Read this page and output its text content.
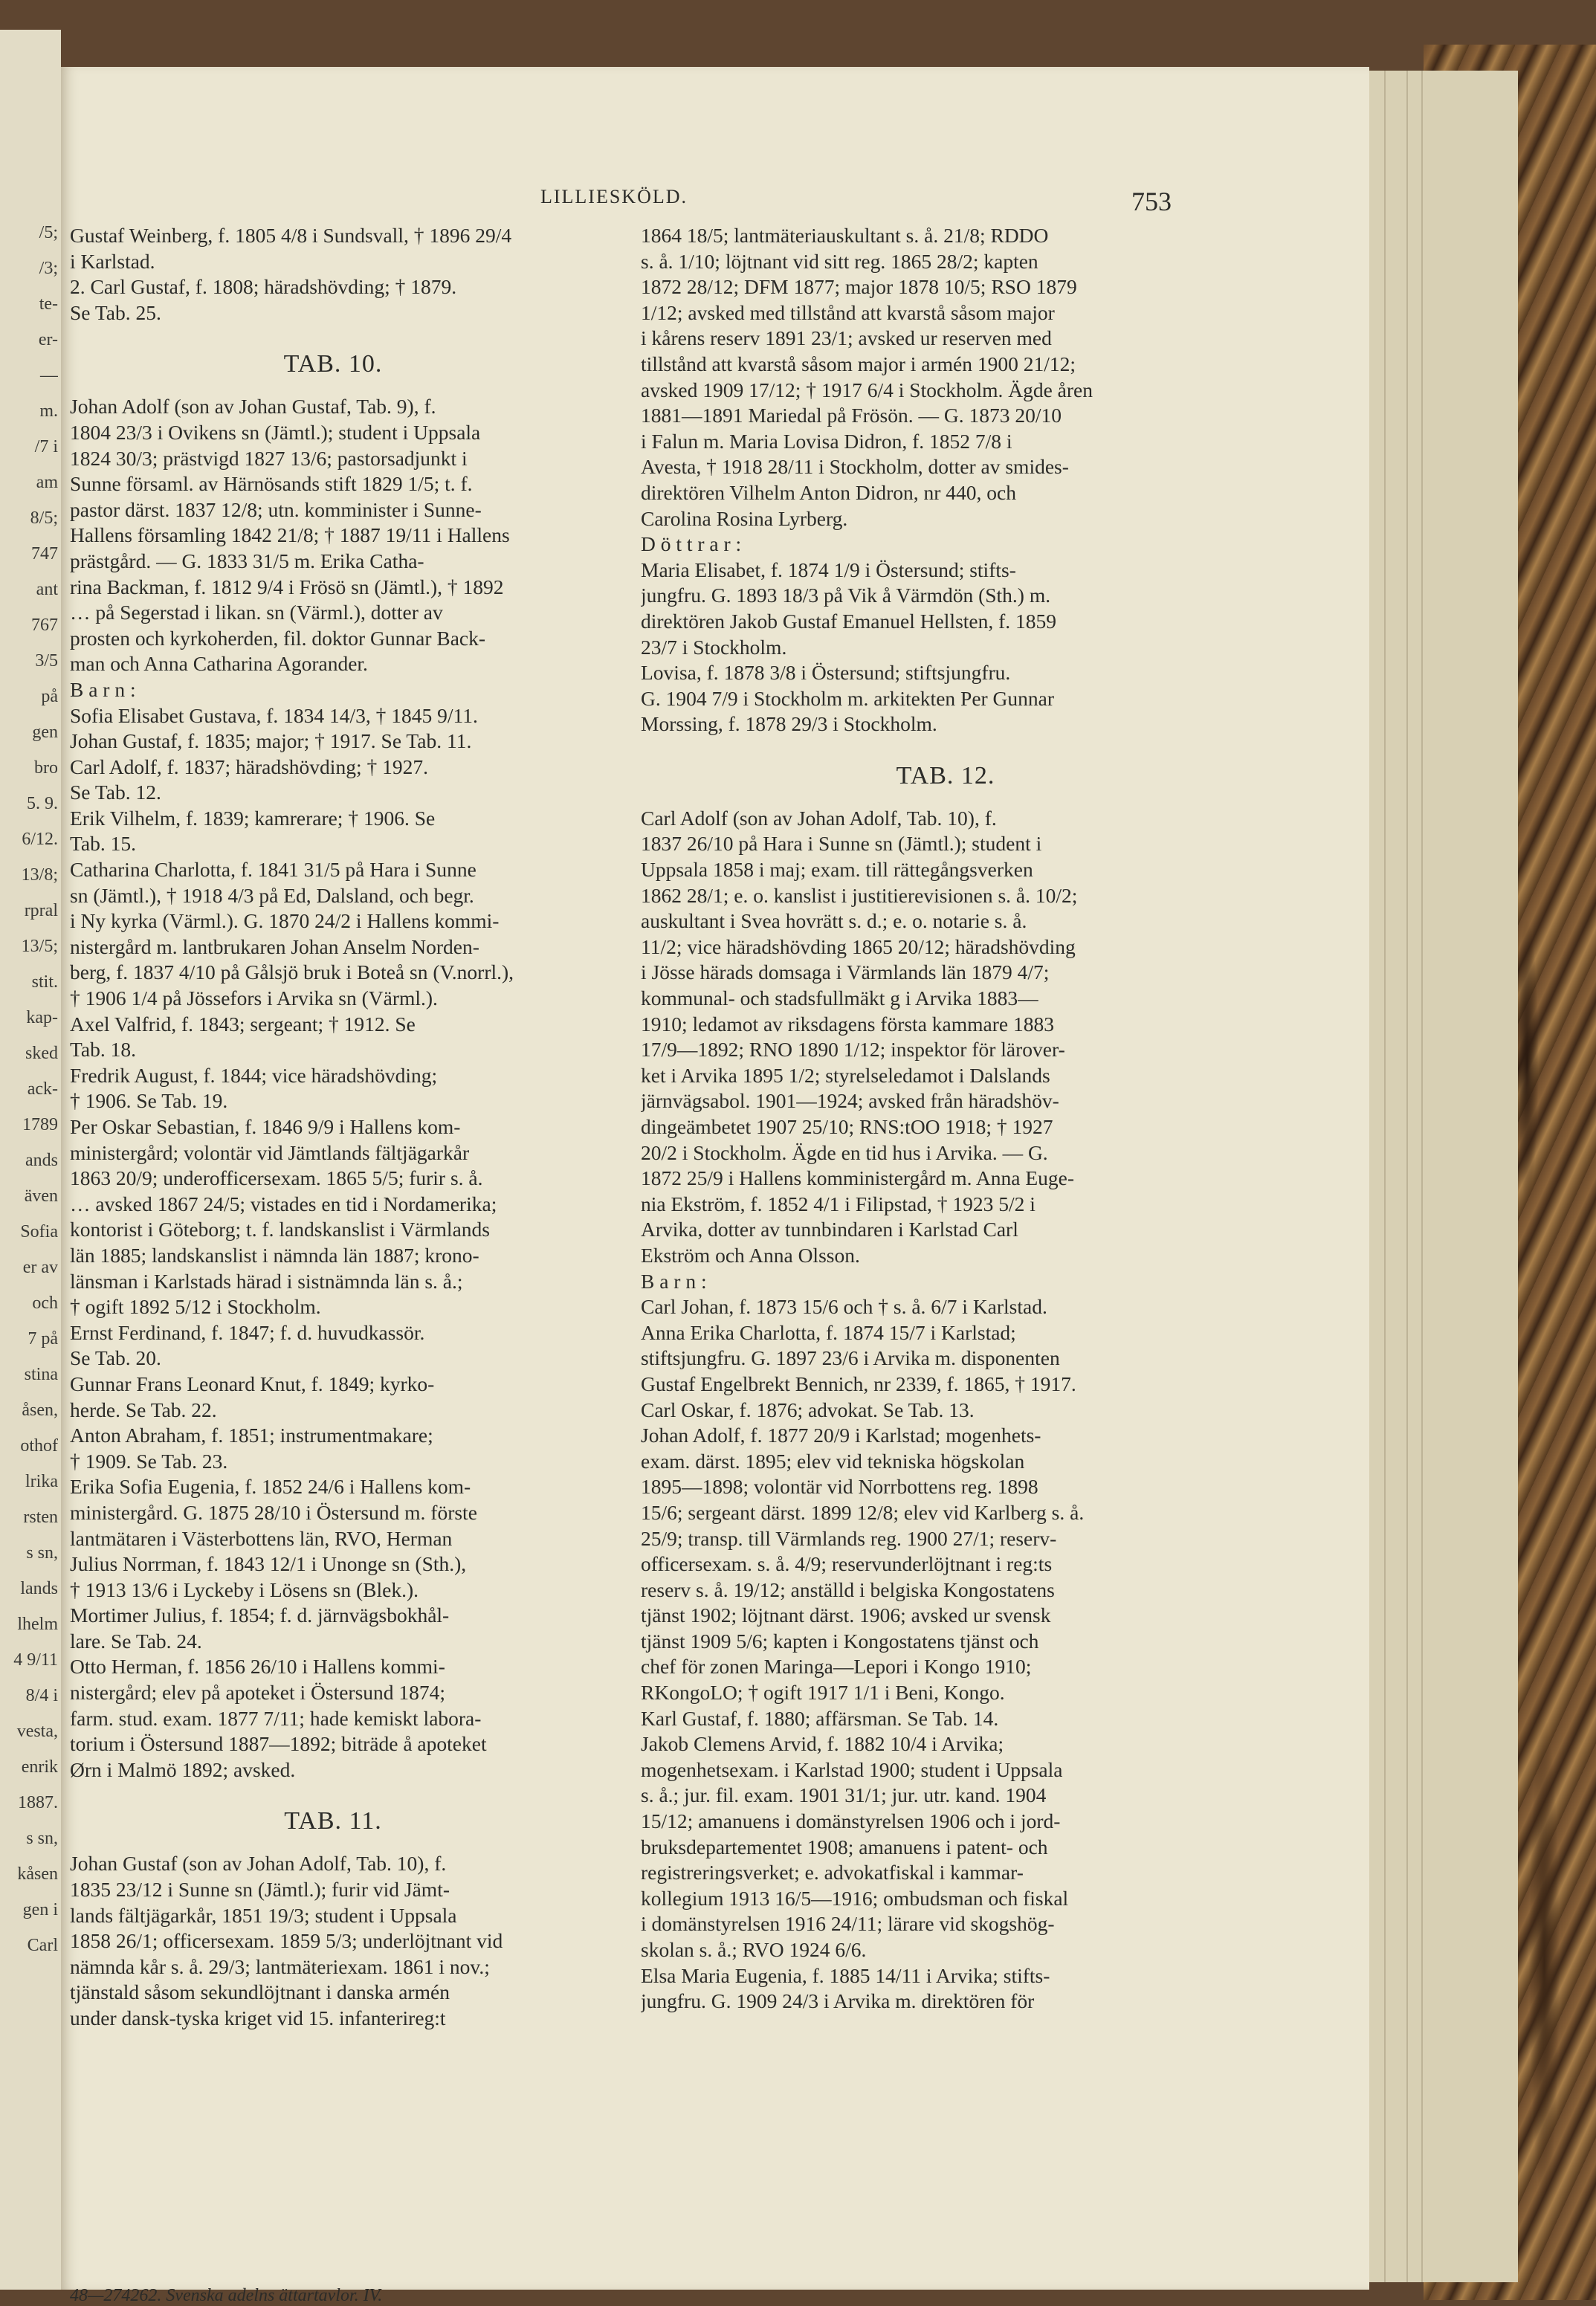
/5;
/3;
te-
er-
—
m.
/7 i
am
8/5;
747
ant
767
3/5
på
gen
bro
5. 9.
6/12.
13/8;
rpral
13/5;
stit.
kap-
sked
ack-
1789
ands
även
Sofia
er av
och
7 på
stina
åsen,
othof
lrika
rsten
s sn,
lands
lhelm
4 9/11
8/4 i
vesta,
enrik
1887.
s sn,
kåsen
gen i
Carl
LILLIESKÖLD.	753
Gustaf Weinberg, f. 1805 4/8 i Sundsvall, † 1896 29/4
i Karlstad.
2. Carl Gustaf, f. 1808; häradshövding; † 1879.
Se Tab. 25.
TAB. 10.
Johan Adolf (son av Johan Gustaf, Tab. 9), f.
1804 23/3 i Ovikens sn (Jämtl.); student i Uppsala
1824 30/3; prästvigd 1827 13/6; pastorsadjunkt i
Sunne församl. av Härnösands stift 1829 1/5; t. f.
pastor därst. 1837 12/8; utn. komminister i Sunne-
Hallens församling 1842 21/8; † 1887 19/11 i Hallens
prästgård. — G. 1833 31/5 m. Erika Catha-
rina Backman, f. 1812 9/4 i Frösö sn (Jämtl.), † 1892
… på Segerstad i likan. sn (Värml.), dotter av
prosten och kyrkoherden, fil. doktor Gunnar Back-
man och Anna Catharina Agorander.
B a r n :
Sofia Elisabet Gustava, f. 1834 14/3, † 1845 9/11.
Johan Gustaf, f. 1835; major; † 1917. Se Tab. 11.
Carl Adolf, f. 1837; häradshövding; † 1927.
Se Tab. 12.
Erik Vilhelm, f. 1839; kamrerare; † 1906. Se
Tab. 15.
Catharina Charlotta, f. 1841 31/5 på Hara i Sunne
sn (Jämtl.), † 1918 4/3 på Ed, Dalsland, och begr.
i Ny kyrka (Värml.). G. 1870 24/2 i Hallens kommi-
nistergård m. lantbrukaren Johan Anselm Norden-
berg, f. 1837 4/10 på Gålsjö bruk i Boteå sn (V.norrl.),
† 1906 1/4 på Jössefors i Arvika sn (Värml.).
Axel Valfrid, f. 1843; sergeant; † 1912. Se
Tab. 18.
Fredrik August, f. 1844; vice häradshövding;
† 1906. Se Tab. 19.
Per Oskar Sebastian, f. 1846 9/9 i Hallens kom-
ministergård; volontär vid Jämtlands fältjägarkår
1863 20/9; underofficersexam. 1865 5/5; furir s. å.
… avsked 1867 24/5; vistades en tid i Nordamerika;
kontorist i Göteborg; t. f. landskanslist i Värmlands
län 1885; landskanslist i nämnda län 1887; krono-
länsman i Karlstads härad i sistnämnda län s. å.;
† ogift 1892 5/12 i Stockholm.
Ernst Ferdinand, f. 1847; f. d. huvudkassör.
Se Tab. 20.
Gunnar Frans Leonard Knut, f. 1849; kyrko-
herde. Se Tab. 22.
Anton Abraham, f. 1851; instrumentmakare;
† 1909. Se Tab. 23.
Erika Sofia Eugenia, f. 1852 24/6 i Hallens kom-
ministergård. G. 1875 28/10 i Östersund m. förste
lantmätaren i Västerbottens län, RVO, Herman
Julius Norrman, f. 1843 12/1 i Unonge sn (Sth.),
† 1913 13/6 i Lyckeby i Lösens sn (Blek.).
Mortimer Julius, f. 1854; f. d. järnvägsbokhål-
lare. Se Tab. 24.
Otto Herman, f. 1856 26/10 i Hallens kommi-
nistergård; elev på apoteket i Östersund 1874;
farm. stud. exam. 1877 7/11; hade kemiskt labora-
torium i Östersund 1887—1892; biträde å apoteket
Ørn i Malmö 1892; avsked.
TAB. 11.
Johan Gustaf (son av Johan Adolf, Tab. 10), f.
1835 23/12 i Sunne sn (Jämtl.); furir vid Jämt-
lands fältjägarkår, 1851 19/3; student i Uppsala
1858 26/1; officersexam. 1859 5/3; underlöjtnant vid
nämnda kår s. å. 29/3; lantmäteriexam. 1861 i nov.;
tjänstald såsom sekundlöjtnant i danska armén
under dansk-tyska kriget vid 15. infanterireg:t
1864 18/5; lantmäteriauskultant s. å. 21/8; RDDO
s. å. 1/10; löjtnant vid sitt reg. 1865 28/2; kapten
1872 28/12; DFM 1877; major 1878 10/5; RSO 1879
1/12; avsked med tillstånd att kvarstå såsom major
i kårens reserv 1891 23/1; avsked ur reserven med
tillstånd att kvarstå såsom major i armén 1900 21/12;
avsked 1909 17/12; † 1917 6/4 i Stockholm. Ägde åren
1881—1891 Mariedal på Frösön. — G. 1873 20/10
i Falun m. Maria Lovisa Didron, f. 1852 7/8 i
Avesta, † 1918 28/11 i Stockholm, dotter av smides-
direktören Vilhelm Anton Didron, nr 440, och
Carolina Rosina Lyrberg.
D ö t t r a r :
Maria Elisabet, f. 1874 1/9 i Östersund; stifts-
jungfru. G. 1893 18/3 på Vik å Värmdön (Sth.) m.
direktören Jakob Gustaf Emanuel Hellsten, f. 1859
23/7 i Stockholm.
Lovisa, f. 1878 3/8 i Östersund; stiftsjungfru.
G. 1904 7/9 i Stockholm m. arkitekten Per Gunnar
Morssing, f. 1878 29/3 i Stockholm.
TAB. 12.
Carl Adolf (son av Johan Adolf, Tab. 10), f.
1837 26/10 på Hara i Sunne sn (Jämtl.); student i
Uppsala 1858 i maj; exam. till rättegångsverken
1862 28/1; e. o. kanslist i justitierevisionen s. å. 10/2;
auskultant i Svea hovrätt s. d.; e. o. notarie s. å.
11/2; vice häradshövding 1865 20/12; häradshövding
i Jösse härads domsaga i Värmlands län 1879 4/7;
kommunal- och stadsfullmäkt g i Arvika 1883—
1910; ledamot av riksdagens första kammare 1883
17/9—1892; RNO 1890 1/12; inspektor för lärover-
ket i Arvika 1895 1/2; styrelseledamot i Dalslands
järnvägsabol. 1901—1924; avsked från häradshöv-
dingeämbetet 1907 25/10; RNS:tOO 1918; † 1927
20/2 i Stockholm. Ägde en tid hus i Arvika. — G.
1872 25/9 i Hallens komministergård m. Anna Euge-
nia Ekström, f. 1852 4/1 i Filipstad, † 1923 5/2 i
Arvika, dotter av tunnbindaren i Karlstad Carl
Ekström och Anna Olsson.
B a r n :
Carl Johan, f. 1873 15/6 och † s. å. 6/7 i Karlstad.
Anna Erika Charlotta, f. 1874 15/7 i Karlstad;
stiftsjungfru. G. 1897 23/6 i Arvika m. disponenten
Gustaf Engelbrekt Bennich, nr 2339, f. 1865, † 1917.
Carl Oskar, f. 1876; advokat. Se Tab. 13.
Johan Adolf, f. 1877 20/9 i Karlstad; mogenhets-
exam. därst. 1895; elev vid tekniska högskolan
1895—1898; volontär vid Norrbottens reg. 1898
15/6; sergeant därst. 1899 12/8; elev vid Karlberg s. å.
25/9; transp. till Värmlands reg. 1900 27/1; reserv-
officersexam. s. å. 4/9; reservunderlöjtnant i reg:ts
reserv s. å. 19/12; anställd i belgiska Kongostatens
tjänst 1902; löjtnant därst. 1906; avsked ur svensk
tjänst 1909 5/6; kapten i Kongostatens tjänst och
chef för zonen Maringa—Lepori i Kongo 1910;
RKongoLO; † ogift 1917 1/1 i Beni, Kongo.
Karl Gustaf, f. 1880; affärsman. Se Tab. 14.
Jakob Clemens Arvid, f. 1882 10/4 i Arvika;
mogenhetsexam. i Karlstad 1900; student i Uppsala
s. å.; jur. fil. exam. 1901 31/1; jur. utr. kand. 1904
15/12; amanuens i domänstyrelsen 1906 och i jord-
bruksdepartementet 1908; amanuens i patent- och
registreringsverket; e. advokatfiskal i kammar-
kollegium 1913 16/5—1916; ombudsman och fiskal
i domänstyrelsen 1916 24/11; lärare vid skogshög-
skolan s. å.; RVO 1924 6/6.
Elsa Maria Eugenia, f. 1885 14/11 i Arvika; stifts-
jungfru. G. 1909 24/3 i Arvika m. direktören för
48—274262. Svenska adelns ättartavlor. IV.
